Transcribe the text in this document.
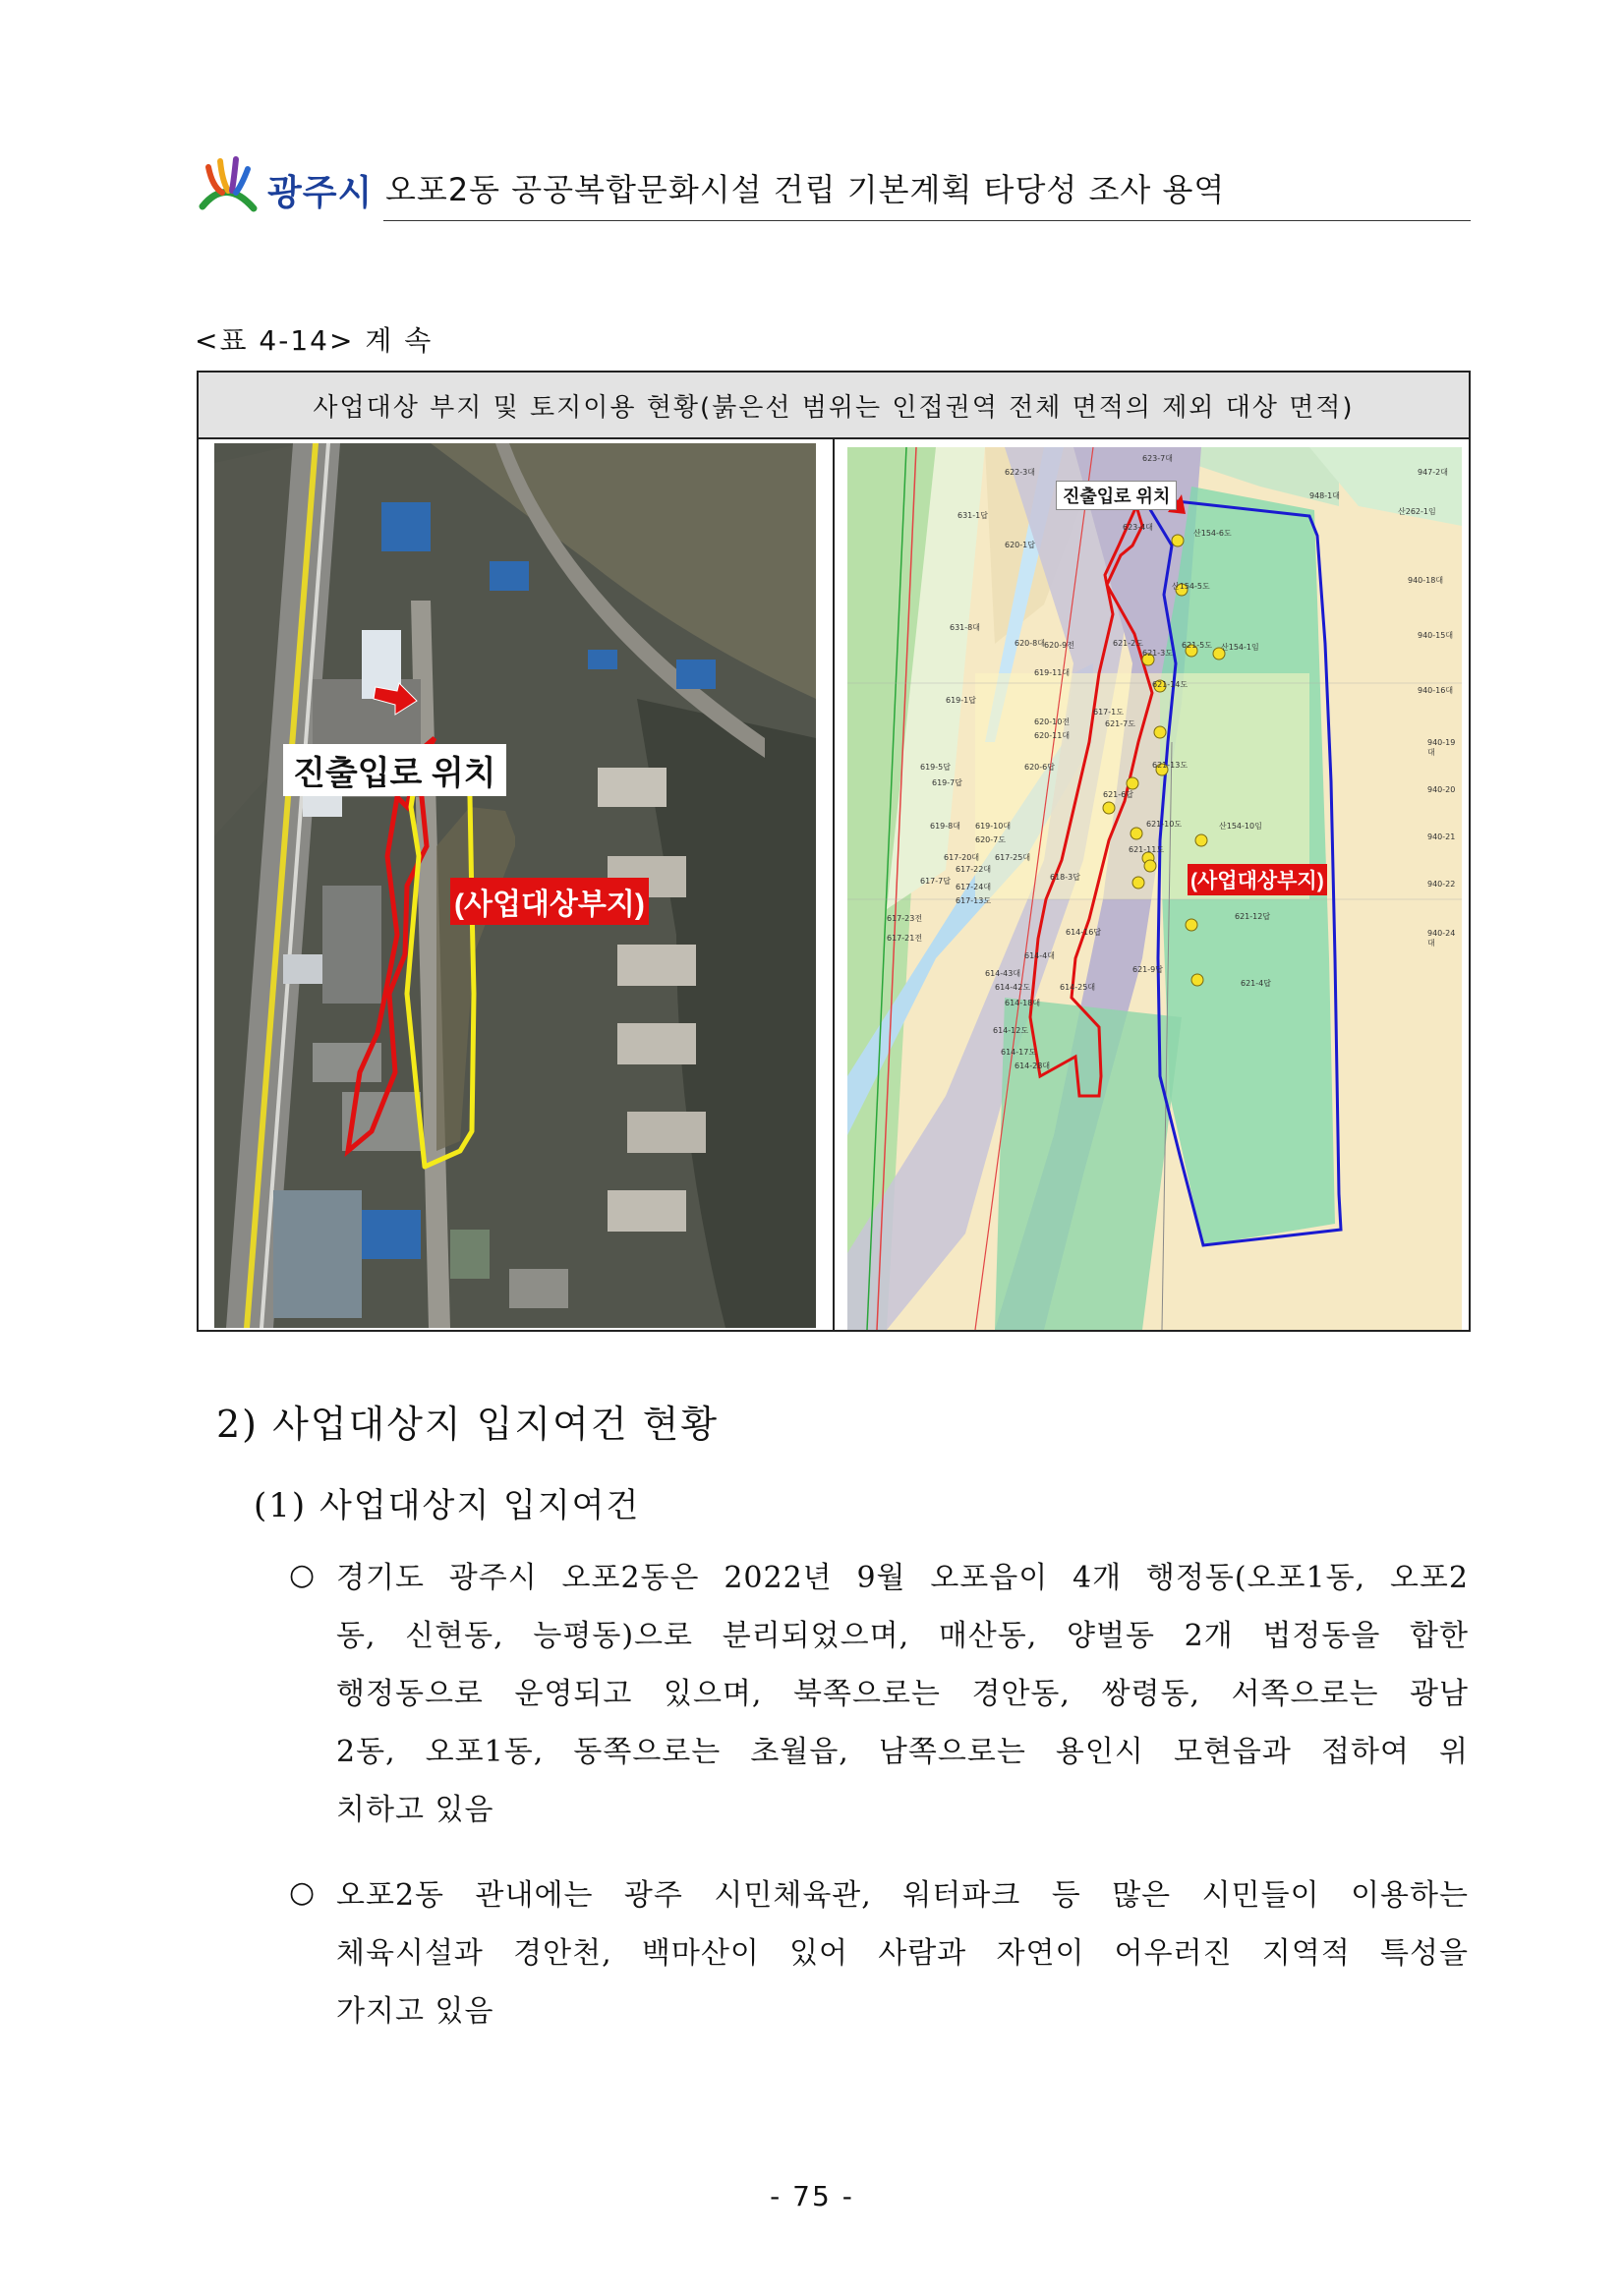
광주시 오포2동 공공복합문화시설 건립 기본계획 타당성 조사 용역
<표 4-14> 계 속
사업대상 부지 및 토지이용 현황(붉은선 범위는 인접권역 전체 면적의 제외 대상 면적)
진출입로 위치
(사업대상부지)
622-3대
623-7대
947-2대
948-1대
산262-1임
623-4대
산154-6도
631-1답
620-1답
940-18대
산154-5도
940-15대
631-8대
620-8대 620-9전	621-2도
621-3도
621-5도 산154-1임
619-11대
940-16대
619-1답
621-14도
940-19대
617-1도
621-7도
620-10전
620-11대
619-5답	620-6답	621-13도
619-7답
940-20
621-6답
619-8대 619-10대
620-7도
621-10도	산154-10임
940-21
617-20대 617-25대
617-22대
621-11도
617-7답
617-24대
617-13도
618-3답
940-22
617-23전
614-16답
617-21전
621-12답
940-24대
614-4대
614-43대	621-9답
614-42도	614-25대	621-4답
614-18대
614-12도
614-17도
614-28대
진출입로 위치
(사업대상부지)
2) 사업대상지 입지여건 현황
(1) 사업대상지 입지여건
○ 경기도 광주시 오포2동은 2022년 9월 오포읍이 4개 행정동(오포1동, 오포2
동, 신현동, 능평동)으로 분리되었으며, 매산동, 양벌동 2개 법정동을 합한
행정동으로 운영되고 있으며, 북쪽으로는 경안동, 쌍령동, 서쪽으로는 광남
2동, 오포1동, 동쪽으로는 초월읍, 남쪽으로는 용인시 모현읍과 접하여 위
치하고 있음
○ 오포2동 관내에는 광주 시민체육관, 워터파크 등 많은 시민들이 이용하는
체육시설과 경안천, 백마산이 있어 사람과 자연이 어우러진 지역적 특성을
가지고 있음
- 75 -
